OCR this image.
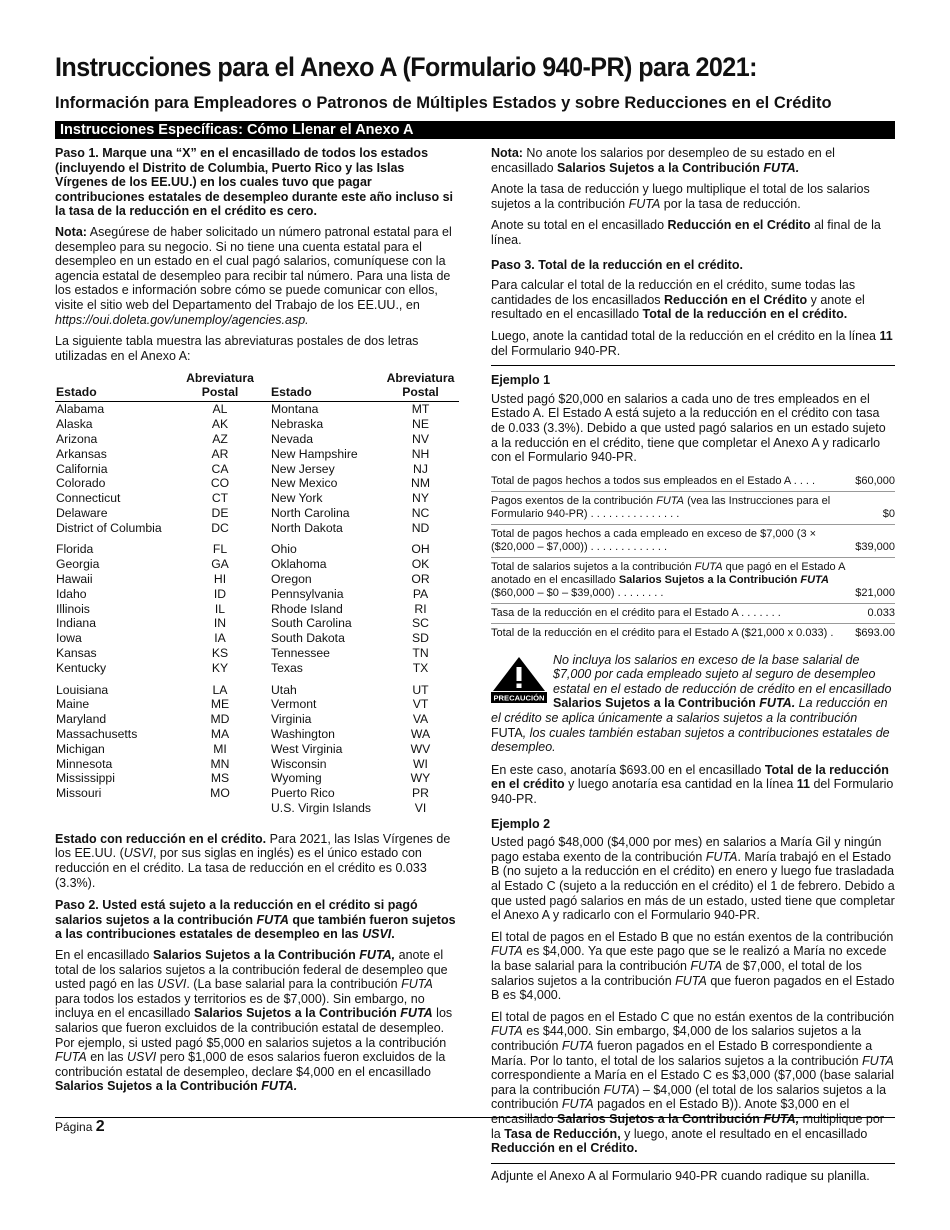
Instrucciones para el Anexo A (Formulario 940-PR) para 2021:
Información para Empleadores o Patronos de Múltiples Estados y sobre Reducciones en el Crédito
Instrucciones Específicas: Cómo Llenar el Anexo A

Paso 1. Marque una “X” en el encasillado de todos los estados (incluyendo el Distrito de Columbia, Puerto Rico y las Islas Vírgenes de los EE.UU.) en los cuales tuvo que pagar contribuciones estatales de desempleo durante este año incluso si la tasa de la reducción en el crédito es cero.

Nota: Asegúrese de haber solicitado un número patronal estatal para el desempleo para su negocio. Si no tiene una cuenta estatal para el desempleo en un estado en el cual pagó salarios, comuníquese con la agencia estatal de desempleo para recibir tal número. Para una lista de los estados e información sobre cómo se puede comunicar con ellos, visite el sitio web del Departamento del Trabajo de los EE.UU., en https://oui.doleta.gov/unemploy/agencies.asp.

La siguiente tabla muestra las abreviaturas postales de dos letras utilizadas en el Anexo A:

Estado	Abreviatura Postal	Estado	Abreviatura Postal
Alabama	AL	Montana	MT
Alaska	AK	Nebraska	NE
Arizona	AZ	Nevada	NV
Arkansas	AR	New Hampshire	NH
California	CA	New Jersey	NJ
Colorado	CO	New Mexico	NM
Connecticut	CT	New York	NY
Delaware	DE	North Carolina	NC
District of Columbia	DC	North Dakota	ND
Florida	FL	Ohio	OH
Georgia	GA	Oklahoma	OK
Hawaii	HI	Oregon	OR
Idaho	ID	Pennsylvania	PA
Illinois	IL	Rhode Island	RI
Indiana	IN	South Carolina	SC
Iowa	IA	South Dakota	SD
Kansas	KS	Tennessee	TN
Kentucky	KY	Texas	TX
Louisiana	LA	Utah	UT
Maine	ME	Vermont	VT
Maryland	MD	Virginia	VA
Massachusetts	MA	Washington	WA
Michigan	MI	West Virginia	WV
Minnesota	MN	Wisconsin	WI
Mississippi	MS	Wyoming	WY
Missouri	MO	Puerto Rico	PR
		U.S. Virgin Islands	VI

Estado con reducción en el crédito. Para 2021, las Islas Vírgenes de los EE.UU. (USVI, por sus siglas en inglés) es el único estado con reducción en el crédito. La tasa de reducción en el crédito es 0.033 (3.3%).

Paso 2. Usted está sujeto a la reducción en el crédito si pagó salarios sujetos a la contribución FUTA que también fueron sujetos a las contribuciones estatales de desempleo en las USVI.

En el encasillado Salarios Sujetos a la Contribución FUTA, anote el total de los salarios sujetos a la contribución federal de desempleo que usted pagó en las USVI. (La base salarial para la contribución FUTA para todos los estados y territorios es de $7,000). Sin embargo, no incluya en el encasillado Salarios Sujetos a la Contribución FUTA los salarios que fueron excluidos de la contribución estatal de desempleo. Por ejemplo, si usted pagó $5,000 en salarios sujetos a la contribución FUTA en las USVI pero $1,000 de esos salarios fueron excluidos de la contribución estatal de desempleo, declare $4,000 en el encasillado Salarios Sujetos a la Contribución FUTA.

Nota: No anote los salarios por desempleo de su estado en el encasillado Salarios Sujetos a la Contribución FUTA.

Anote la tasa de reducción y luego multiplique el total de los salarios sujetos a la contribución FUTA por la tasa de reducción.

Anote su total en el encasillado Reducción en el Crédito al final de la línea.

Paso 3. Total de la reducción en el crédito.

Para calcular el total de la reducción en el crédito, sume todas las cantidades de los encasillados Reducción en el Crédito y anote el resultado en el encasillado Total de la reducción en el crédito.

Luego, anote la cantidad total de la reducción en el crédito en la línea 11 del Formulario 940-PR.

Ejemplo 1

Usted pagó $20,000 en salarios a cada uno de tres empleados en el Estado A. El Estado A está sujeto a la reducción en el crédito con tasa de 0.033 (3.3%). Debido a que usted pagó salarios en un estado sujeto a la reducción en el crédito, tiene que completar el Anexo A y radicarlo con el Formulario 940-PR.

Total de pagos hechos a todos sus empleados en el Estado A . . . .	$60,000
Pagos exentos de la contribución FUTA (vea las Instrucciones para el Formulario 940-PR) . . . . . . . . . . . . . . .	$0
Total de pagos hechos a cada empleado en exceso de $7,000 (3 × ($20,000 – $7,000)) . . . . . . . . . . . . .	$39,000
Total de salarios sujetos a la contribución FUTA que pagó en el Estado A anotado en el encasillado Salarios Sujetos a la Contribución FUTA ($60,000 – $0 – $39,000) . . . . . . . .	$21,000
Tasa de la reducción en el crédito para el Estado A . . . . . . .	0.033
Total de la reducción en el crédito para el Estado A ($21,000 x 0.033) .	$693.00
PRECAUCIÓN
No incluya los salarios en exceso de la base salarial de $7,000 por cada empleado sujeto al seguro de desempleo estatal en el estado de reducción de crédito en el encasillado Salarios Sujetos a la Contribución FUTA. La reducción en el crédito se aplica únicamente a salarios sujetos a la contribución FUTA, los cuales también estaban sujetos a contribuciones estatales de desempleo.

En este caso, anotaría $693.00 en el encasillado Total de la reducción en el crédito y luego anotaría esa cantidad en la línea 11 del Formulario 940-PR.

Ejemplo 2

Usted pagó $48,000 ($4,000 por mes) en salarios a María Gil y ningún pago estaba exento de la contribución FUTA. María trabajó en el Estado B (no sujeto a la reducción en el crédito) en enero y luego fue trasladada al Estado C (sujeto a la reducción en el crédito) el 1 de febrero. Debido a que usted pagó salarios en más de un estado, usted tiene que completar el Anexo A y radicarlo con el Formulario 940-PR.

El total de pagos en el Estado B que no están exentos de la contribución FUTA es $4,000. Ya que este pago que se le realizó a María no excede la base salarial para la contribución FUTA de $7,000, el total de los salarios sujetos a la contribución FUTA que fueron pagados en el Estado B es $4,000.

El total de pagos en el Estado C que no están exentos de la contribución FUTA es $44,000. Sin embargo, $4,000 de los salarios sujetos a la contribución FUTA fueron pagados en el Estado B correspondiente a María. Por lo tanto, el total de los salarios sujetos a la contribución FUTA correspondiente a María en el Estado C es $3,000 ($7,000 (base salarial para la contribución FUTA) – $4,000 (el total de los salarios sujetos a la contribución FUTA pagados en el Estado B)). Anote $3,000 en el encasillado Salarios Sujetos a la Contribución FUTA, multiplique por la Tasa de Reducción, y luego, anote el resultado en el encasillado Reducción en el Crédito.

Adjunte el Anexo A al Formulario 940-PR cuando radique su planilla.

Página 2
